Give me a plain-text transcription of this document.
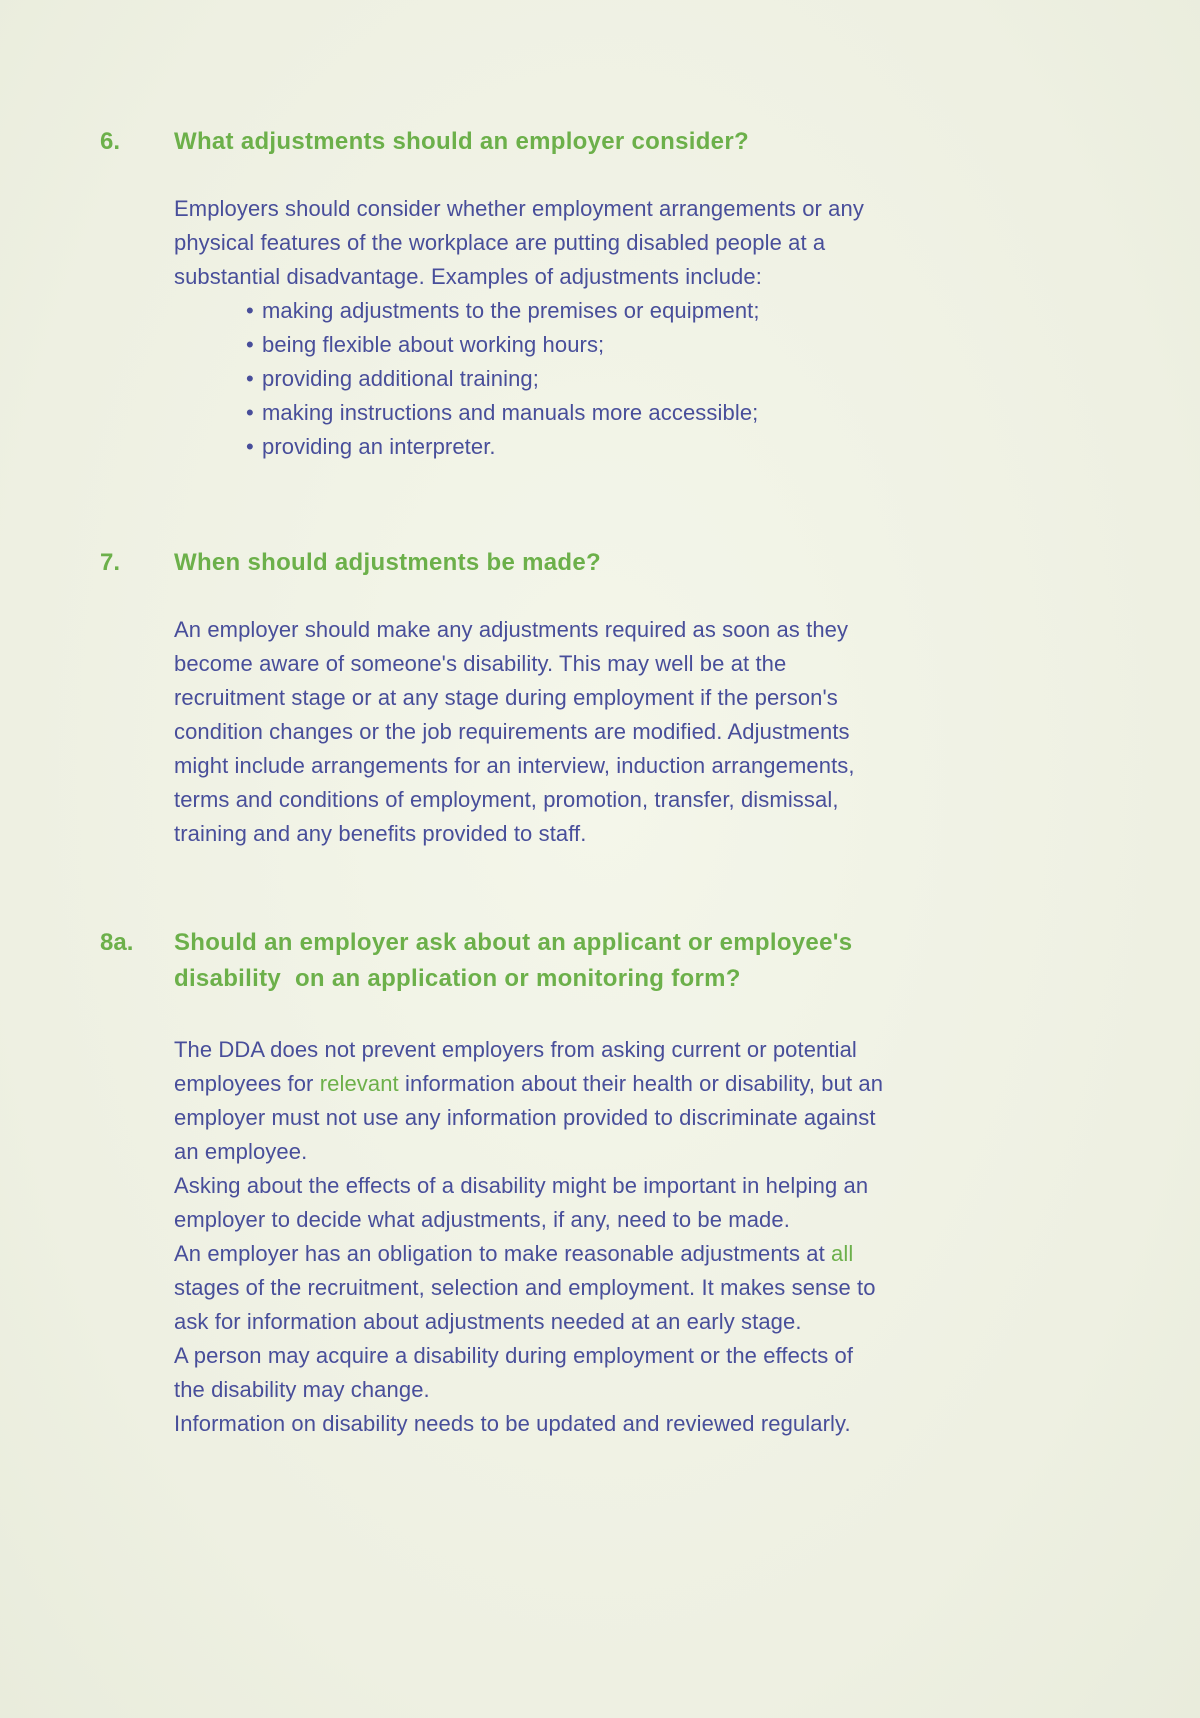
6. What adjustments should an employer consider?

Employers should consider whether employment arrangements or any

physical features of the workplace are putting disabled people at a

substantial disadvantage. Examples of adjustments include:

• making adjustments to the premises or equipment;
• being flexible about working hours;
• providing additional training;
• making instructions and manuals more accessible;
• providing an interpreter.
7. When should adjustments be made?

An employer should make any adjustments required as soon as they

become aware of someone's disability. This may well be at the

recruitment stage or at any stage during employment if the person's

condition changes or the job requirements are modified. Adjustments

might include arrangements for an interview, induction arrangements,

terms and conditions of employment, promotion, transfer, dismissal,

training and any benefits provided to staff.

8a. Should an employer ask about an applicant or employee's
disability  on an application or monitoring form?

The DDA does not prevent employers from asking current or potential

employees for relevant information about their health or disability, but an

employer must not use any information provided to discriminate against

an employee.

Asking about the effects of a disability might be important in helping an

employer to decide what adjustments, if any, need to be made.

An employer has an obligation to make reasonable adjustments at all

stages of the recruitment, selection and employment. It makes sense to

ask for information about adjustments needed at an early stage.

A person may acquire a disability during employment or the effects of

the disability may change.

Information on disability needs to be updated and reviewed regularly.
